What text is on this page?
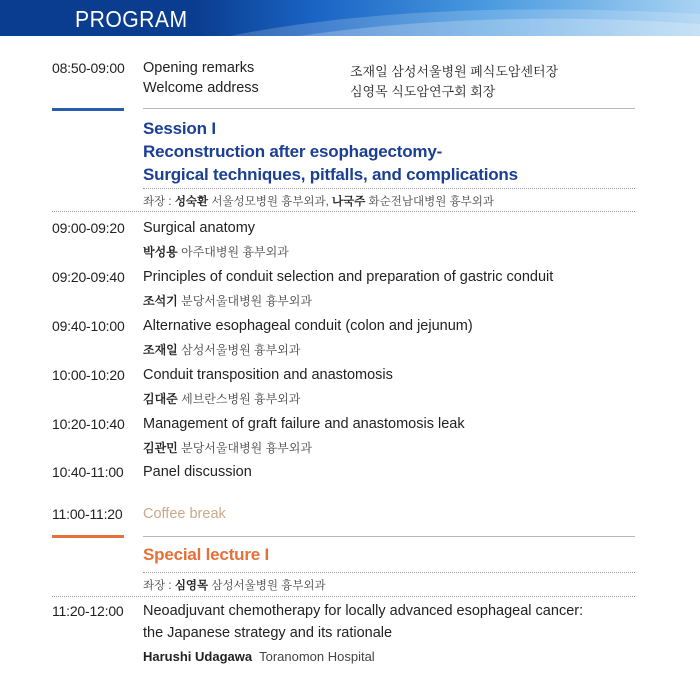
PROGRAM
08:50-09:00 Opening remarks	조재일 삼성서울병원 폐식도암센터장
Welcome address	심영목 식도암연구회 회장
Session I
Reconstruction after esophagectomy-
Surgical techniques, pitfalls, and complications
좌장 : 성숙환 서울성모병원 흉부외과, 나국주 화순전남대병원 흉부외과
09:00-09:20 Surgical anatomy
박성용 아주대병원 흉부외과
09:20-09:40 Principles of conduit selection and preparation of gastric conduit
조석기 분당서울대병원 흉부외과
09:40-10:00 Alternative esophageal conduit (colon and jejunum)
조재일 삼성서울병원 흉부외과
10:00-10:20 Conduit transposition and anastomosis
김대준 세브란스병원 흉부외과
10:20-10:40 Management of graft failure and anastomosis leak
김관민 분당서울대병원 흉부외과
10:40-11:00 Panel discussion
11:00-11:20 Coffee break
Special lecture I
좌장 : 심영목 삼성서울병원 흉부외과
11:20-12:00 Neoadjuvant chemotherapy for locally advanced esophageal cancer:
the Japanese strategy and its rationale
Harushi Udagawa  Toranomon Hospital
